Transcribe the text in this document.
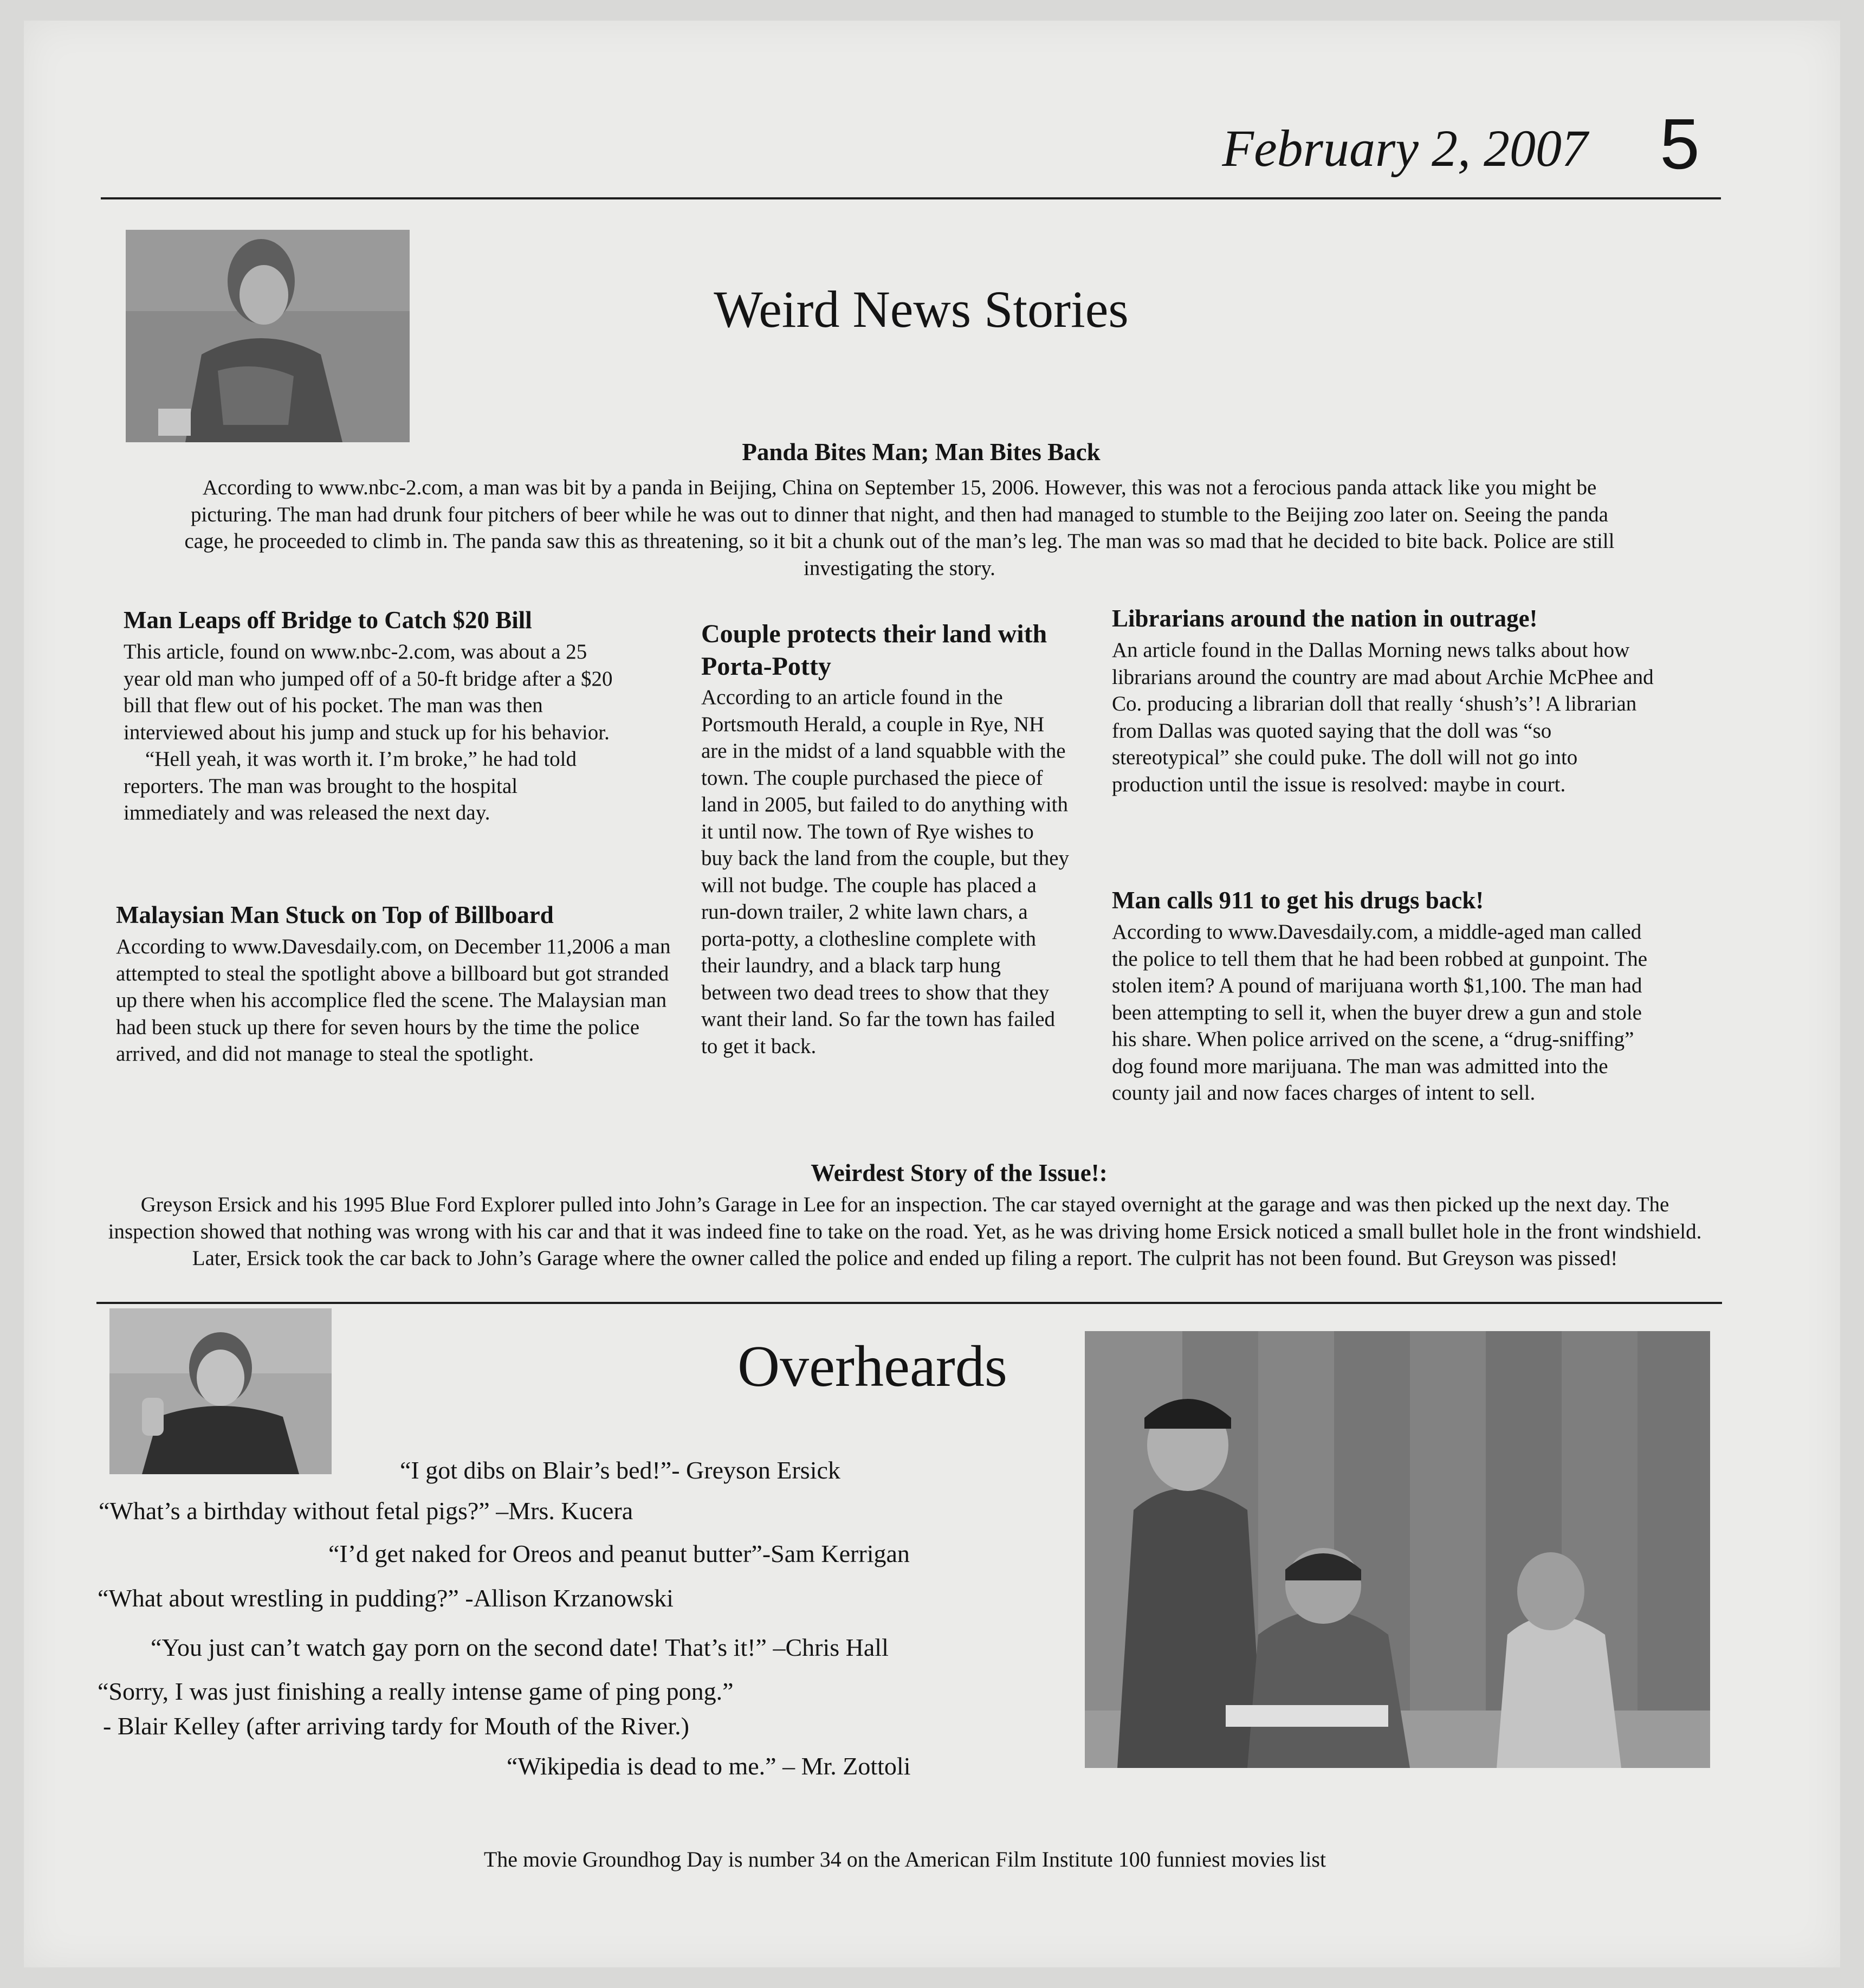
February 2, 2007	5
Weird News Stories
Panda Bites Man; Man Bites Back
According to www.nbc-2.com, a man was bit by a panda in Beijing, China on September 15, 2006. However, this was not a ferocious panda attack like you might be picturing. The man had drunk four pitchers of beer while he was out to dinner that night, and then had managed to stumble to the Beijing zoo later on. Seeing the panda cage, he proceeded to climb in. The panda saw this as threatening, so it bit a chunk out of the man’s leg. The man was so mad that he decided to bite back. Police are still investigating the story.
Man Leaps off Bridge to Catch $20 Bill
This article, found on www.nbc-2.com, was about a 25 year old man who jumped off of a 50-ft bridge after a $20 bill that flew out of his pocket. The man was then interviewed about his jump and stuck up for his behavior.
“Hell yeah, it was worth it. I’m broke,” he had told reporters. The man was brought to the hospital immediately and was released the next day.
Malaysian Man Stuck on Top of Billboard
According to www.Davesdaily.com, on December 11,2006 a man attempted to steal the spotlight above a billboard but got stranded up there when his accomplice fled the scene. The Malaysian man had been stuck up there for seven hours by the time the police arrived, and did not manage to steal the spotlight.
Couple protects their land with Porta-Potty
According to an article found in the Portsmouth Herald, a couple in Rye, NH are in the midst of a land squabble with the town. The couple purchased the piece of land in 2005, but failed to do anything with it until now. The town of Rye wishes to buy back the land from the couple, but they will not budge. The couple has placed a run-down trailer, 2 white lawn chars, a porta-potty, a clothesline complete with their laundry, and a black tarp hung between two dead trees to show that they want their land. So far the town has failed to get it back.
Librarians around the nation in outrage!
An article found in the Dallas Morning news talks about how librarians around the country are mad about Archie McPhee and Co. producing a librarian doll that really ‘shush’s’! A librarian from Dallas was quoted saying that the doll was “so stereotypical” she could puke. The doll will not go into production until the issue is resolved: maybe in court.
Man calls 911 to get his drugs back!
According to www.Davesdaily.com, a middle-aged man called the police to tell them that he had been robbed at gunpoint. The stolen item? A pound of marijuana worth $1,100. The man had been attempting to sell it, when the buyer drew a gun and stole his share. When police arrived on the scene, a “drug-sniffing” dog found more marijuana. The man was admitted into the county jail and now faces charges of intent to sell.
Weirdest Story of the Issue!:
Greyson Ersick and his 1995 Blue Ford Explorer pulled into John’s Garage in Lee for an inspection. The car stayed overnight at the garage and was then picked up the next day. The inspection showed that nothing was wrong with his car and that it was indeed fine to take on the road. Yet, as he was driving home Ersick noticed a small bullet hole in the front windshield. Later, Ersick took the car back to John’s Garage where the owner called the police and ended up filing a report. The culprit has not been found. But Greyson was pissed!
Overheards
“I got dibs on Blair’s bed!”- Greyson Ersick
“What’s a birthday without fetal pigs?” –Mrs. Kucera
“I’d get naked for Oreos and peanut butter”-Sam Kerrigan
“What about wrestling in pudding?” -Allison Krzanowski
“You just can’t watch gay porn on the second date! That’s it!” –Chris Hall
“Sorry, I was just finishing a really intense game of ping pong.”
- Blair Kelley (after arriving tardy for Mouth of the River.)
“Wikipedia is dead to me.” – Mr. Zottoli
The movie Groundhog Day is number 34 on the American Film Institute 100 funniest movies list
